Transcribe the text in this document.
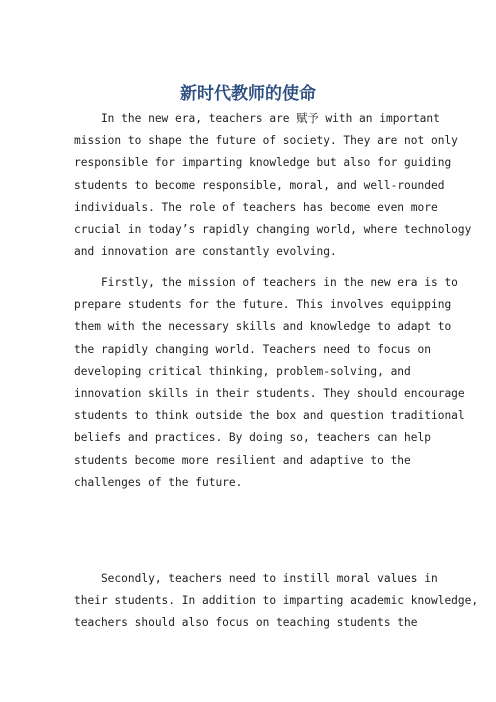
新时代教师的使命
In the new era, teachers are 赋予 with an important
mission to shape the future of society. They are not only
responsible for imparting knowledge but also for guiding
students to become responsible, moral, and well-rounded
individuals. The role of teachers has become even more
crucial in today’s rapidly changing world, where technology
and innovation are constantly evolving.
Firstly, the mission of teachers in the new era is to
prepare students for the future. This involves equipping
them with the necessary skills and knowledge to adapt to
the rapidly changing world. Teachers need to focus on
developing critical thinking, problem-solving, and
innovation skills in their students. They should encourage
students to think outside the box and question traditional
beliefs and practices. By doing so, teachers can help
students become more resilient and adaptive to the
challenges of the future.
Secondly, teachers need to instill moral values in
their students. In addition to imparting academic knowledge,
teachers should also focus on teaching students the
